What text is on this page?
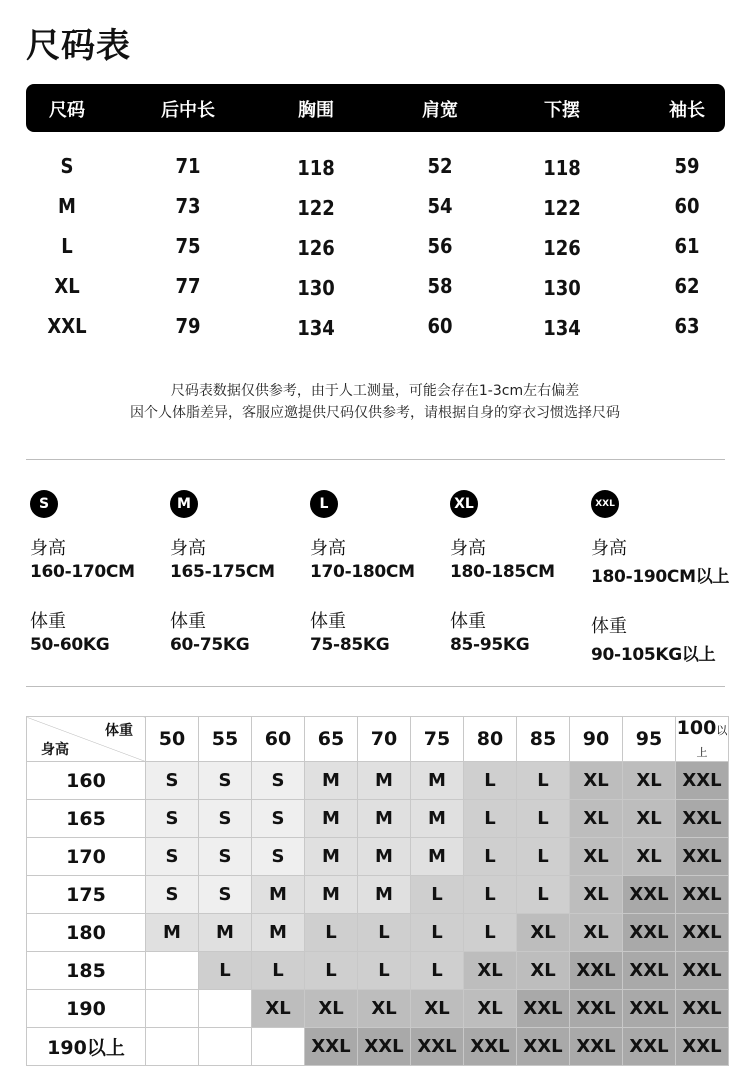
尺码表
尺码	后中长	胸围	肩宽	下摆	袖长
S	71	118	52	118	59
M	73	122	54	122	60
L	75	126	56	126	61
XL	77	130	58	130	62
XXL	79	134	60	134	63
尺码表数据仅供参考，由于人工测量，可能会存在1-3cm左右偏差
因个人体脂差异，客服应邀提供尺码仅供参考，请根据自身的穿衣习惯选择尺码
S
身高
160-170CM
体重
50-60KG
M
身高
165-175CM
体重
60-75KG
L
身高
170-180CM
体重
75-85KG
XL
身高
180-185CM
体重
85-95KG
XXL
身高
180-190CM以上
体重
90-105KG以上
体重
身高	50	55	60	65	70	75	80	85	90	95	100以上
160	S	S	S	M	M	M	L	L	XL	XL	XXL
165	S	S	S	M	M	M	L	L	XL	XL	XXL
170	S	S	S	M	M	M	L	L	XL	XL	XXL
175	S	S	M	M	M	L	L	L	XL	XXL	XXL
180	M	M	M	L	L	L	L	XL	XL	XXL	XXL
185		L	L	L	L	L	XL	XL	XXL	XXL	XXL
190			XL	XL	XL	XL	XL	XXL	XXL	XXL	XXL
190以上				XXL	XXL	XXL	XXL	XXL	XXL	XXL	XXL
